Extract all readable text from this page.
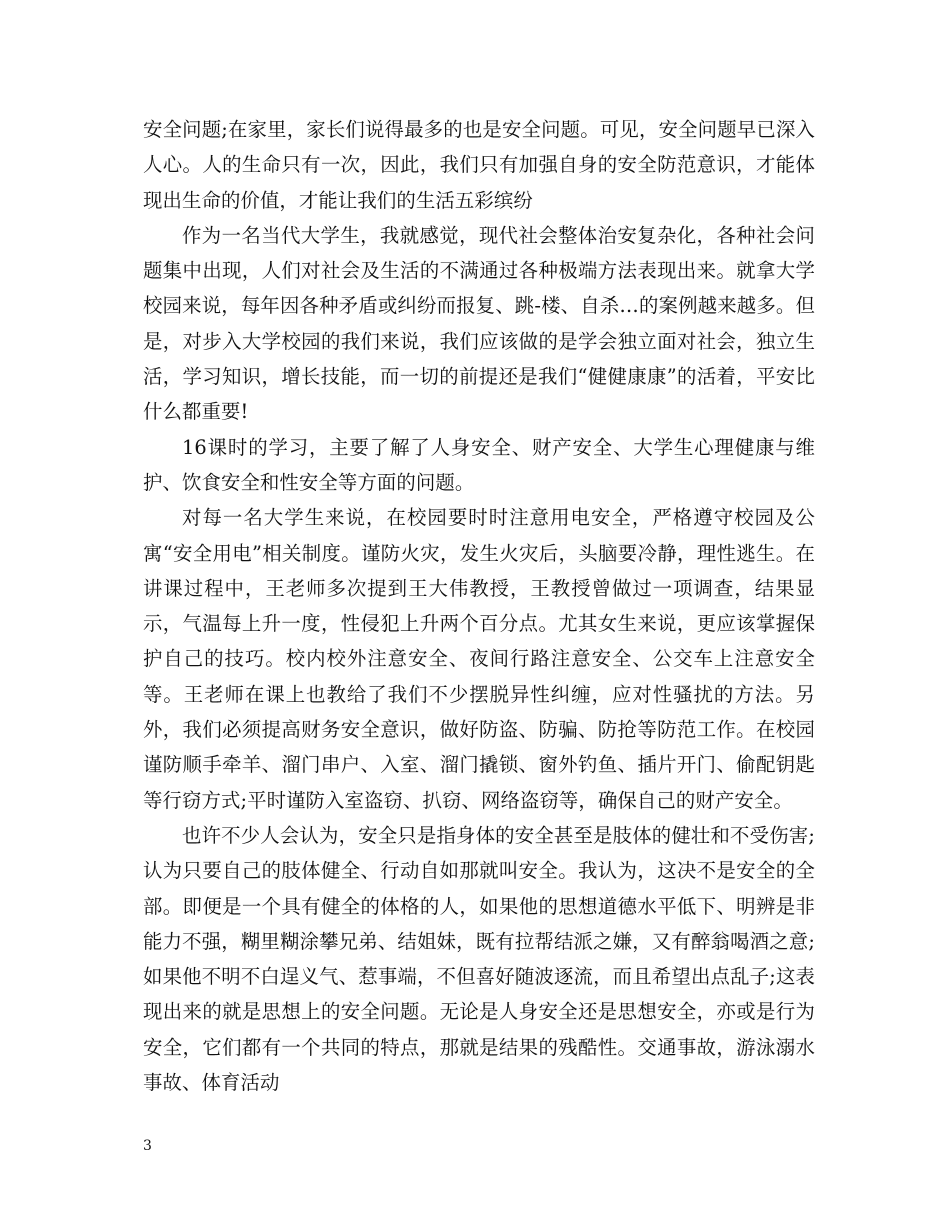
安全问题;在家里，家长们说得最多的也是安全问题。可见，安全问题早已深入人心。人的生命只有一次，因此，我们只有加强自身的安全防范意识，才能体现出生命的价值，才能让我们的生活五彩缤纷

作为一名当代大学生，我就感觉，现代社会整体治安复杂化，各种社会问题集中出现，人们对社会及生活的不满通过各种极端方法表现出来。就拿大学校园来说，每年因各种矛盾或纠纷而报复、跳-楼、自杀…的案例越来越多。但是，对步入大学校园的我们来说，我们应该做的是学会独立面对社会，独立生活，学习知识，增长技能，而一切的前提还是我们“健健康康”的活着，平安比什么都重要!

16课时的学习，主要了解了人身安全、财产安全、大学生心理健康与维护、饮食安全和性安全等方面的问题。

对每一名大学生来说，在校园要时时注意用电安全，严格遵守校园及公寓“安全用电”相关制度。谨防火灾，发生火灾后，头脑要冷静，理性逃生。在讲课过程中，王老师多次提到王大伟教授，王教授曾做过一项调查，结果显示，气温每上升一度，性侵犯上升两个百分点。尤其女生来说，更应该掌握保护自己的技巧。校内校外注意安全、夜间行路注意安全、公交车上注意安全等。王老师在课上也教给了我们不少摆脱异性纠缠，应对性骚扰的方法。另外，我们必须提高财务安全意识，做好防盗、防骗、防抢等防范工作。在校园谨防顺手牵羊、溜门串户、入室、溜门撬锁、窗外钓鱼、插片开门、偷配钥匙等行窃方式;平时谨防入室盗窃、扒窃、网络盗窃等，确保自己的财产安全。

也许不少人会认为，安全只是指身体的安全甚至是肢体的健壮和不受伤害;认为只要自己的肢体健全、行动自如那就叫安全。我认为，这决不是安全的全部。即便是一个具有健全的体格的人，如果他的思想道德水平低下、明辨是非能力不强，糊里糊涂攀兄弟、结姐妹，既有拉帮结派之嫌，又有醉翁喝酒之意;如果他不明不白逞义气、惹事端，不但喜好随波逐流，而且希望出点乱子;这表现出来的就是思想上的安全问题。无论是人身安全还是思想安全，亦或是行为安全，它们都有一个共同的特点，那就是结果的残酷性。交通事故，游泳溺水事故、体育活动

3
